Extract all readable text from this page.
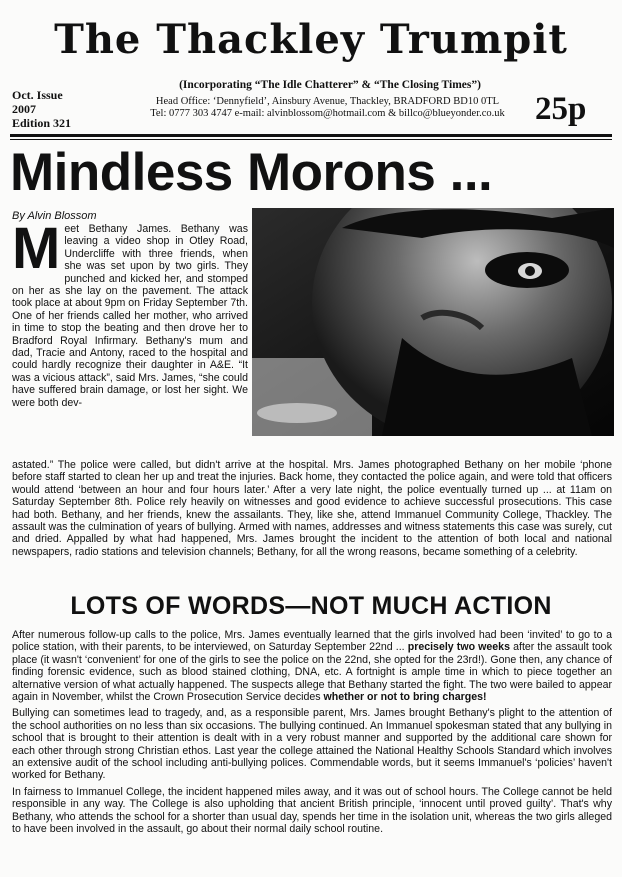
The Thackley Trumpit
Oct. Issue
2007
Edition 321
(Incorporating “The Idle Chatterer” & “The Closing Times”)
Head Office: ‘Dennyfield’, Ainsbury Avenue, Thackley, BRADFORD BD10 0TL
Tel: 0777 303 4747 e-mail: alvinblossom@hotmail.com & billco@blueyonder.co.uk 25p
Mindless Morons ...
By Alvin Blossom
M eet Bethany James. Bethany was leaving a video shop in Otley Road, Undercliffe with three friends, when she was set upon by two girls. They punched and kicked her, and stomped on her as she lay on the pavement. The attack took place at about 9pm on Friday September 7th. One of her friends called her mother, who arrived in time to stop the beating and then drove her to Bradford Royal Infirmary. Bethany's mum and dad, Tracie and Antony, raced to the hospital and could hardly recognize their daughter in A&E. “It was a vicious attack”, said Mrs. James, “she could have suffered brain damage, or lost her sight. We were both dev-
astated.” The police were called, but didn't arrive at the hospital. Mrs. James photographed Bethany on her mobile ‘phone before staff started to clean her up and treat the injuries. Back home, they contacted the police again, and were told that officers would attend ‘between an hour and four hours later.’ After a very late night, the police eventually turned up ... at 11am on Saturday September 8th. Police rely heavily on witnesses and good evidence to achieve successful prosecutions. This case had both. Bethany, and her friends, knew the assailants. They, like she, attend Immanuel Community College, Thackley. The assault was the culmination of years of bullying. Armed with names, addresses and witness statements this case was surely, cut and dried. Appalled by what had happened, Mrs. James brought the incident to the attention of both local and national newspapers, radio stations and television channels; Bethany, for all the wrong reasons, became something of a celebrity.
LOTS OF WORDS—NOT MUCH ACTION

After numerous follow-up calls to the police, Mrs. James eventually learned that the girls involved had been ‘invited’ to go to a police station, with their parents, to be interviewed, on Saturday September 22nd ... precisely two weeks after the assault took place (it wasn't ‘convenient’ for one of the girls to see the police on the 22nd, she opted for the 23rd!). Gone then, any chance of finding forensic evidence, such as blood stained clothing, DNA, etc. A fortnight is ample time in which to piece together an alternative version of what actually happened. The suspects allege that Bethany started the fight. The two were bailed to appear again in November, whilst the Crown Prosecution Service decides whether or not to bring charges!

Bullying can sometimes lead to tragedy, and, as a responsible parent, Mrs. James brought Bethany's plight to the attention of the school authorities on no less than six occasions. The bullying continued. An Immanuel spokesman stated that any bullying in school that is brought to their attention is dealt with in a very robust manner and supported by the additional care shown for each other through strong Christian ethos. Last year the college attained the National Healthy Schools Standard which involves an extensive audit of the school including anti-bullying polices. Commendable words, but it seems Immanuel's ‘policies’ haven't worked for Bethany.

In fairness to Immanuel College, the incident happened miles away, and it was out of school hours. The College cannot be held responsible in any way. The College is also upholding that ancient British principle, ‘innocent until proved guilty’. That's why Bethany, who attends the school for a shorter than usual day, spends her time in the isolation unit, whereas the two girls alleged to have been involved in the assault, go about their normal daily school routine.
